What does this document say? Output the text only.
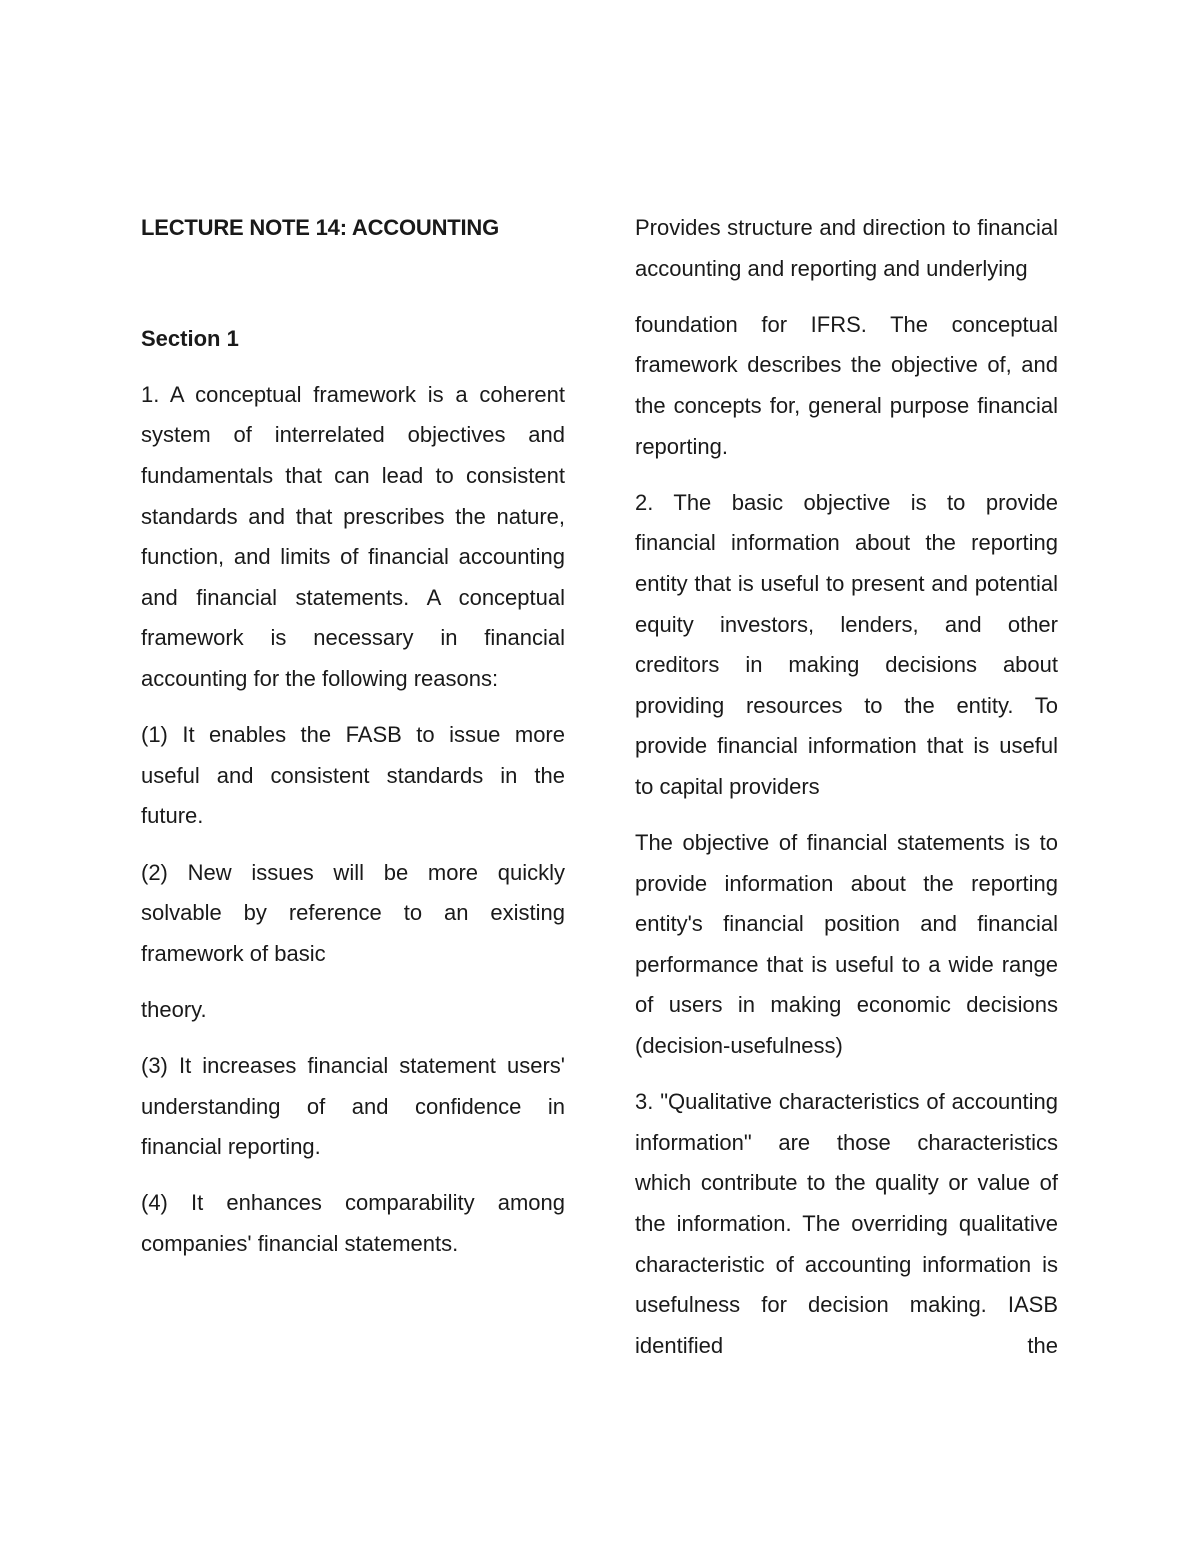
LECTURE NOTE 14: ACCOUNTING
Section 1

1. A conceptual framework is a coherent system of interrelated objectives and fundamentals that can lead to consistent standards and that prescribes the nature, function, and limits of financial accounting and financial statements. A conceptual framework is necessary in financial accounting for the following reasons:

(1) It enables the FASB to issue more useful and consistent standards in the future.

(2) New issues will be more quickly solvable by reference to an existing framework of basic

theory.

(3) It increases financial statement users' understanding of and confidence in financial reporting.

(4) It enhances comparability among companies' financial statements.

Provides structure and direction to financial accounting and reporting and underlying

foundation for IFRS. The conceptual framework describes the objective of, and the concepts for, general purpose financial reporting.

2. The basic objective is to provide financial information about the reporting entity that is useful to present and potential equity investors, lenders, and other creditors in making decisions about providing resources to the entity. To provide financial information that is useful to capital providers

The objective of financial statements is to provide information about the reporting entity's financial position and financial performance that is useful to a wide range of users in making economic decisions (decision-usefulness)

3. "Qualitative characteristics of accounting information" are those characteristics which contribute to the quality or value of the information. The overriding qualitative characteristic of accounting information is usefulness for decision making. IASB identified the
